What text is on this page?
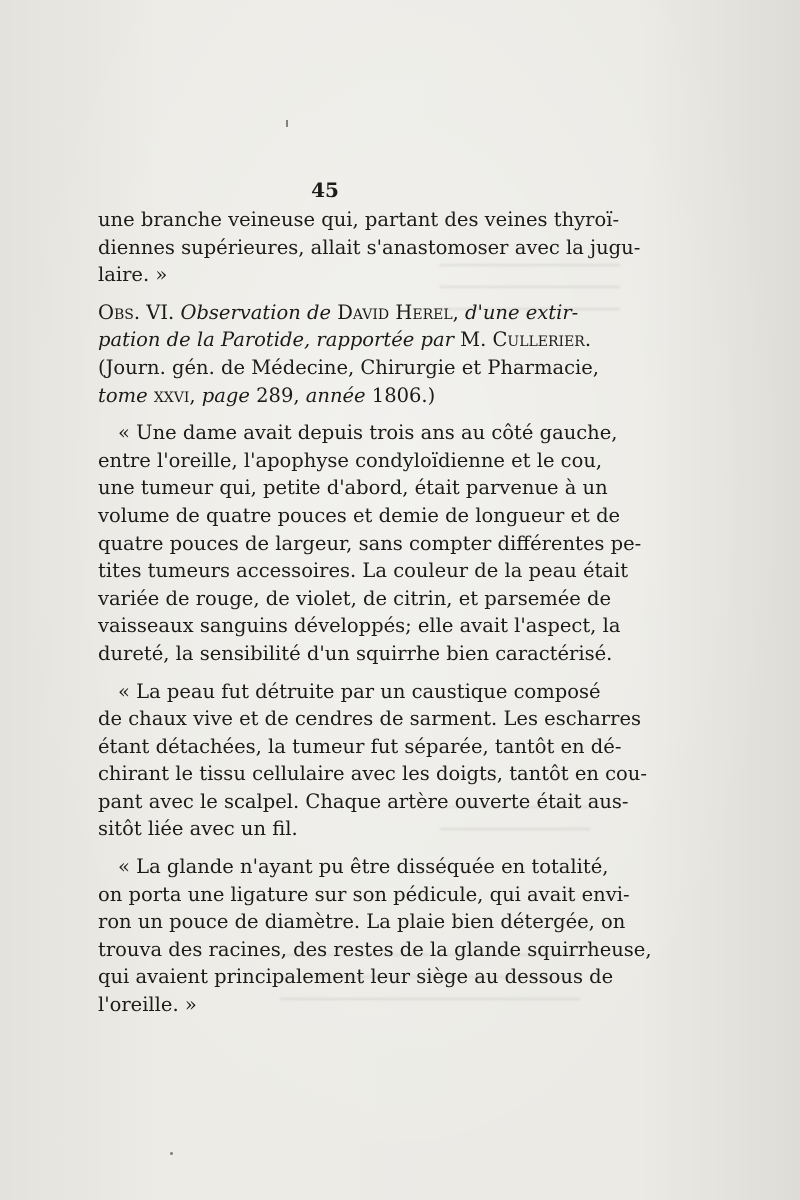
45
une branche veineuse qui, partant des veines thyroï-
diennes supérieures, allait s'anastomoser avec la jugu-
laire. »
Obs. VI. Observation de David Herel, d'une extir-
pation de la Parotide, rapportée par M. Cullerier.
(Journ. gén. de Médecine, Chirurgie et Pharmacie,
tome xxvi, page 289, année 1806.)
« Une dame avait depuis trois ans au côté gauche,
entre l'oreille, l'apophyse condyloïdienne et le cou,
une tumeur qui, petite d'abord, était parvenue à un
volume de quatre pouces et demie de longueur et de
quatre pouces de largeur, sans compter différentes pe-
tites tumeurs accessoires. La couleur de la peau était
variée de rouge, de violet, de citrin, et parsemée de
vaisseaux sanguins développés; elle avait l'aspect, la
dureté, la sensibilité d'un squirrhe bien caractérisé.
« La peau fut détruite par un caustique composé
de chaux vive et de cendres de sarment. Les escharres
étant détachées, la tumeur fut séparée, tantôt en dé-
chirant le tissu cellulaire avec les doigts, tantôt en cou-
pant avec le scalpel. Chaque artère ouverte était aus-
sitôt liée avec un fil.
« La glande n'ayant pu être disséquée en totalité,
on porta une ligature sur son pédicule, qui avait envi-
ron un pouce de diamètre. La plaie bien détergée, on
trouva des racines, des restes de la glande squirrheuse,
qui avaient principalement leur siège au dessous de
l'oreille. »
